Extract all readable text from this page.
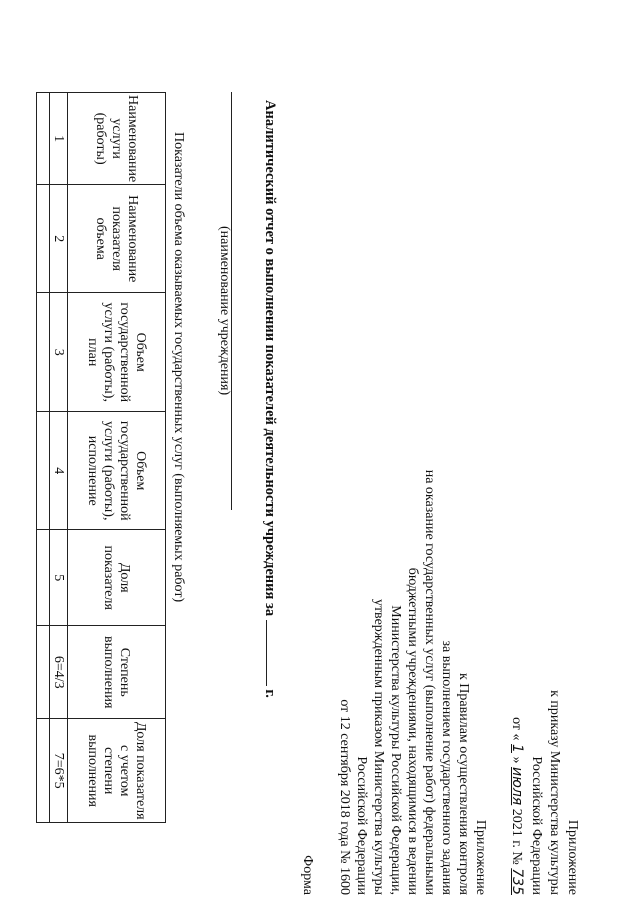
Приложение
к приказу Министерства культуры
Российской Федерации
от « 1 » июля 2021 г. № 735
Приложение
к Правилам осуществления контроля
за выполнением государственного задания
на оказание государственных услуг (выполнение работ) федеральными
бюджетными учреждениями, находящимися в ведении
Министерства культуры Российской Федерации,
утвержденным приказом Министерства культуры
Российской Федерации
от 12 сентября 2018 года № 1600
Форма
Аналитический отчет о выполнении показателей деятельности учреждения за  г.
(наименование учреждения)
Показатели объема оказываемых государственных услуг (выполняемых работ)
Наименование услуги (работы)	Наименование показателя объема	Объем государственной услуги (работы), план	Объем государственной услуги (работы), исполнение	Доля показателя	Степень выполнения	Доля показателя с учетом степени выполнения
1	2	3	4	5	6=4/3	7=6*5
